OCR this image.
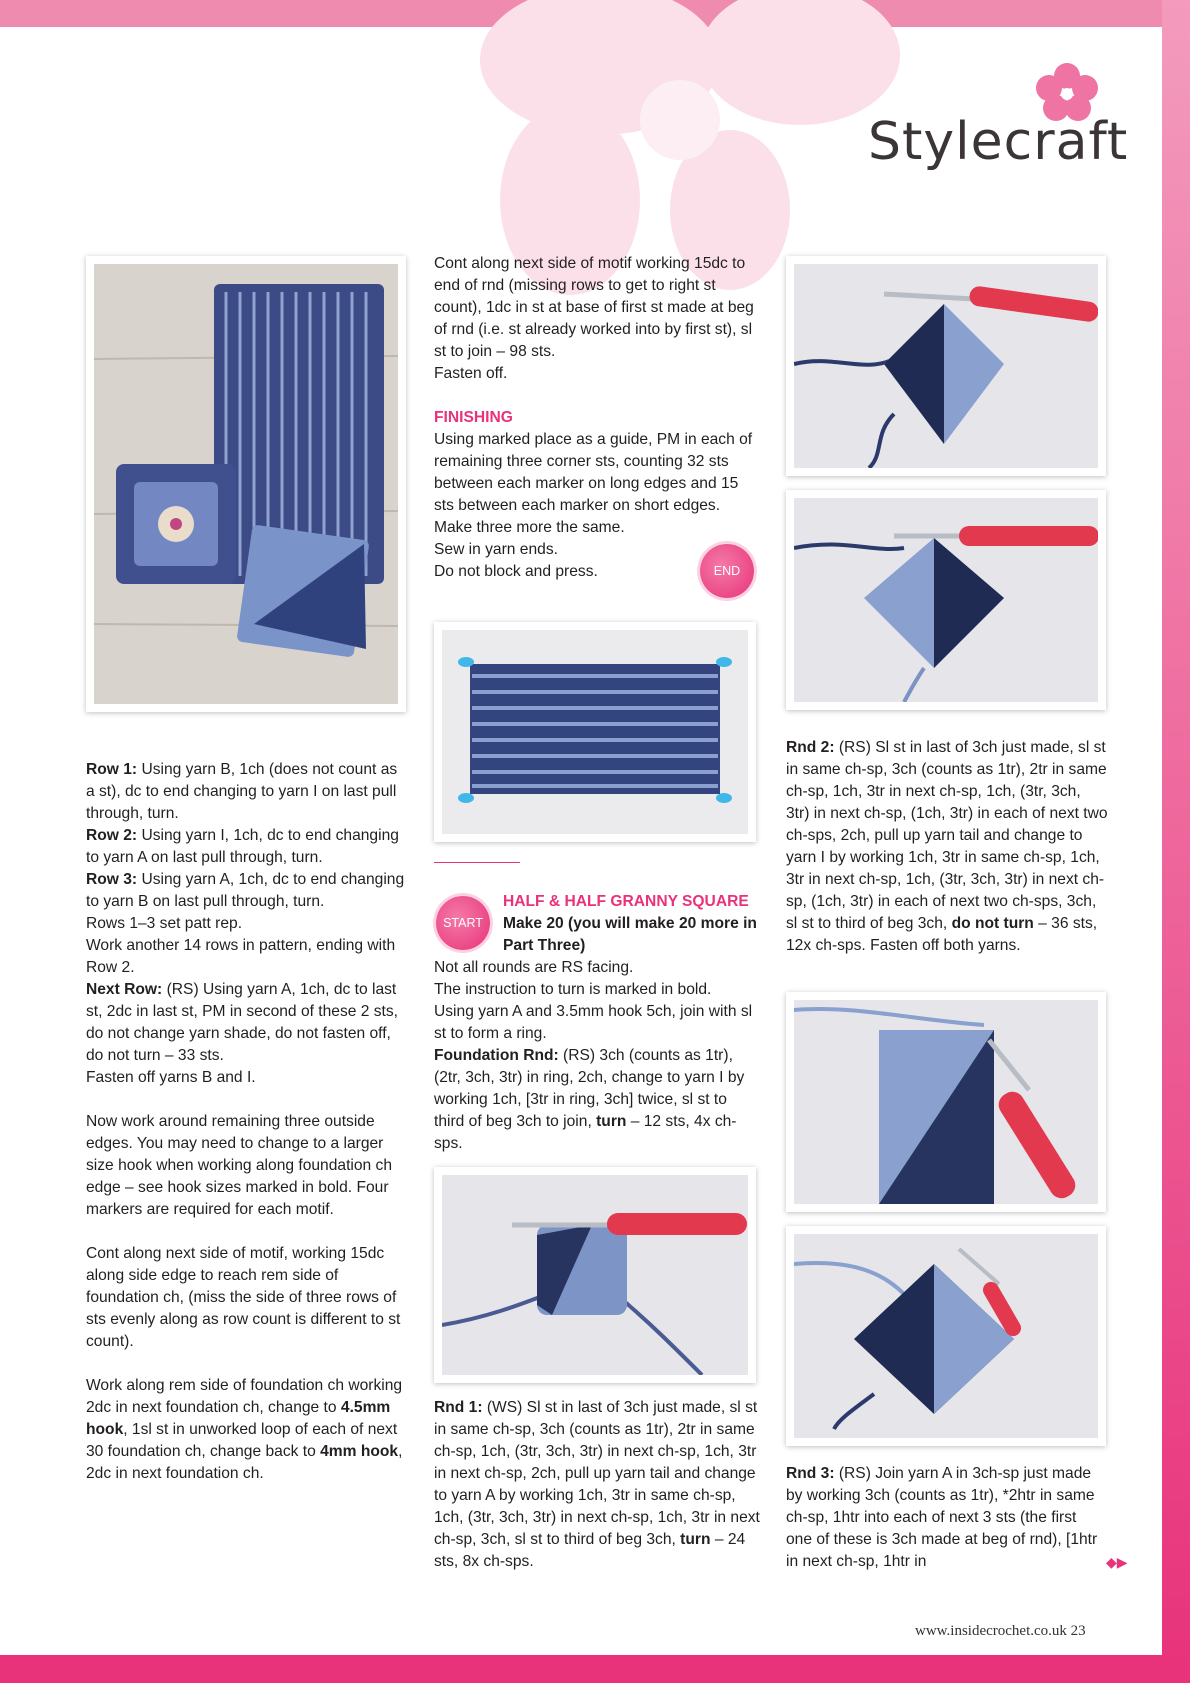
Stylecraft

Row 1: Using yarn B, 1ch (does not count as a st), dc to end changing to yarn I on last pull through, turn.

Row 2: Using yarn I, 1ch, dc to end changing to yarn A on last pull through, turn.

Row 3: Using yarn A, 1ch, dc to end changing to yarn B on last pull through, turn.

Rows 1–3 set patt rep.

Work another 14 rows in pattern, ending with Row 2.

Next Row: (RS) Using yarn A, 1ch, dc to last st, 2dc in last st, PM in second of these 2 sts, do not change yarn shade, do not fasten off, do not turn – 33 sts.

Fasten off yarns B and I.

Now work around remaining three outside edges. You may need to change to a larger size hook when working along foundation ch edge – see hook sizes marked in bold. Four markers are required for each motif.

Cont along next side of motif, working 15dc along side edge to reach rem side of foundation ch, (miss the side of three rows of sts evenly along as row count is different to st count).

Work along rem side of foundation ch working 2dc in next foundation ch, change to 4.5mm hook, 1sl st in unworked loop of each of next 30 foundation ch, change back to 4mm hook, 2dc in next foundation ch.

Cont along next side of motif working 15dc to end of rnd (missing rows to get to right st count), 1dc in st at base of first st made at beg of rnd (i.e. st already worked into by first st), sl st to join – 98 sts.

Fasten off.

FINISHING

Using marked place as a guide, PM in each of remaining three corner sts, counting 32 sts between each marker on long edges and 15 sts between each marker on short edges.

Make three more the same.

Sew in yarn ends.

Do not block and press.	END
START

HALF & HALF GRANNY SQUARE

Make 20 (you will make 20 more in Part Three)

Not all rounds are RS facing.

The instruction to turn is marked in bold.

Using yarn A and 3.5mm hook 5ch, join with sl st to form a ring.

Foundation Rnd: (RS) 3ch (counts as 1tr), (2tr, 3ch, 3tr) in ring, 2ch, change to yarn I by working 1ch, [3tr in ring, 3ch] twice, sl st to third of beg 3ch to join, turn – 12 sts, 4x ch-sps.

Rnd 1: (WS) Sl st in last of 3ch just made, sl st in same ch-sp, 3ch (counts as 1tr), 2tr in same ch-sp, 1ch, (3tr, 3ch, 3tr) in next ch-sp, 1ch, 3tr in next ch-sp, 2ch, pull up yarn tail and change to yarn A by working 1ch, 3tr in same ch-sp, 1ch, (3tr, 3ch, 3tr) in next ch-sp, 1ch, 3tr in next ch-sp, 3ch, sl st to third of beg 3ch, turn – 24 sts, 8x ch-sps.

Rnd 2: (RS) Sl st in last of 3ch just made, sl st in same ch-sp, 3ch (counts as 1tr), 2tr in same ch-sp, 1ch, 3tr in next ch-sp, 1ch, (3tr, 3ch, 3tr) in next ch-sp, (1ch, 3tr) in each of next two ch-sps, 2ch, pull up yarn tail and change to yarn I by working 1ch, 3tr in same ch-sp, 1ch, 3tr in next ch-sp, 1ch, (3tr, 3ch, 3tr) in next ch-sp, (1ch, 3tr) in each of next two ch-sps, 3ch, sl st to third of beg 3ch, do not turn – 36 sts, 12x ch-sps. Fasten off both yarns.

Rnd 3: (RS) Join yarn A in 3ch-sp just made by working 3ch (counts as 1tr), *2htr in same ch-sp, 1htr into each of next 3 sts (the first one of these is 3ch made at beg of rnd), [1htr in next ch-sp, 1htr in	◆▶
www.insidecrochet.co.uk 23
